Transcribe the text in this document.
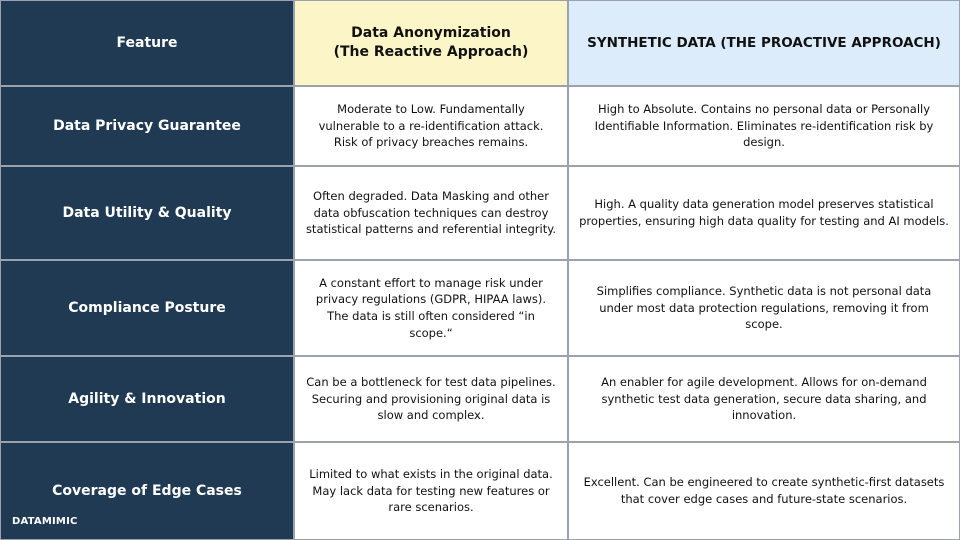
Feature
Data Anonymization
(The Reactive Approach)
SYNTHETIC DATA (THE PROACTIVE APPROACH)
Data Privacy Guarantee
Moderate to Low. Fundamentally vulnerable to a re-identification attack. Risk of privacy breaches remains.
High to Absolute. Contains no personal data or Personally Identifiable Information. Eliminates re-identification risk by design.
Data Utility & Quality
Often degraded. Data Masking and other data obfuscation techniques can destroy statistical patterns and referential integrity.
High. A quality data generation model preserves statistical properties, ensuring high data quality for testing and AI models.
Compliance Posture
A constant effort to manage risk under privacy regulations (GDPR, HIPAA laws). The data is still often considered “in scope.“
Simplifies compliance. Synthetic data is not personal data under most data protection regulations, removing it from scope.
Agility & Innovation
Can be a bottleneck for test data pipelines. Securing and provisioning original data is slow and complex.
An enabler for agile development. Allows for on-demand synthetic test data generation, secure data sharing, and innovation.
Coverage of Edge Cases
Limited to what exists in the original data. May lack data for testing new features or rare scenarios.
Excellent. Can be engineered to create synthetic-first datasets that cover edge cases and future-state scenarios.
DATAMIMIC
